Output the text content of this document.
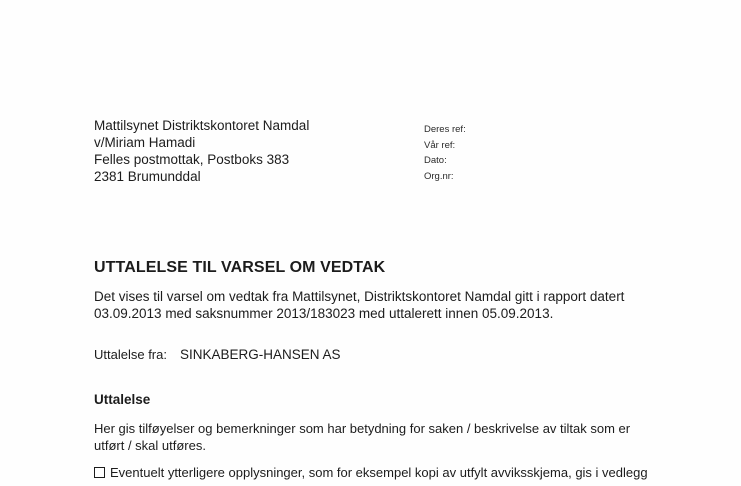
Mattilsynet Distriktskontoret Namdal
v/Miriam Hamadi
Felles postmottak, Postboks 383
2381 Brumunddal
Deres ref:
Vår ref:
Dato:
Org.nr:
UTTALELSE TIL VARSEL OM VEDTAK
Det vises til varsel om vedtak fra Mattilsynet, Distriktskontoret Namdal gitt i rapport datert
03.09.2013 med saksnummer 2013/183023 med uttalerett innen 05.09.2013.
Uttalelse fra: SINKABERG-HANSEN AS
Uttalelse
Her gis tilføyelser og bemerkninger som har betydning for saken / beskrivelse av tiltak som er
utført / skal utføres.
Eventuelt ytterligere opplysninger, som for eksempel kopi av utfylt avviksskjema, gis i vedlegg
